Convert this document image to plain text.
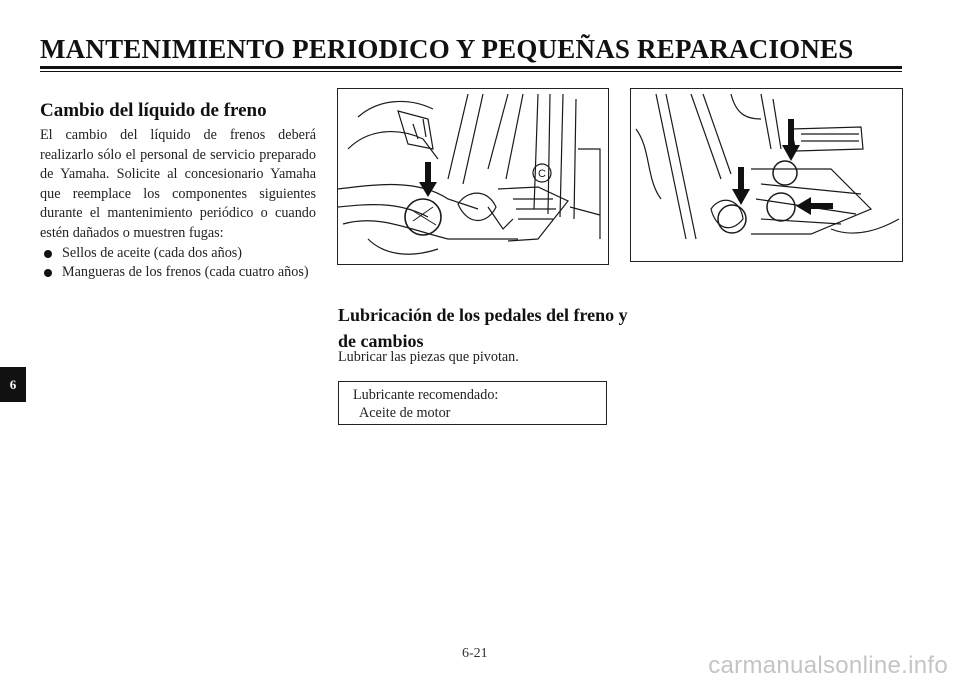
MANTENIMIENTO PERIODICO Y PEQUEÑAS REPARACIONES
Cambio del líquido de freno

El cambio del líquido de frenos deberá realizarlo sólo el personal de servicio preparado de Yamaha. Solicite al concesionario Yamaha que reemplace los componentes siguientes durante el mantenimiento periódico o cuando estén dañados o muestren fugas:

Sellos de aceite (cada dos años)
Mangueras de los frenos (cada cuatro años)
C
Lubricación de los pedales del freno y de cambios
Lubricar las piezas que pivotan.
Lubricante recomendado:
Aceite de motor
6
6-21	carmanualsonline.info
